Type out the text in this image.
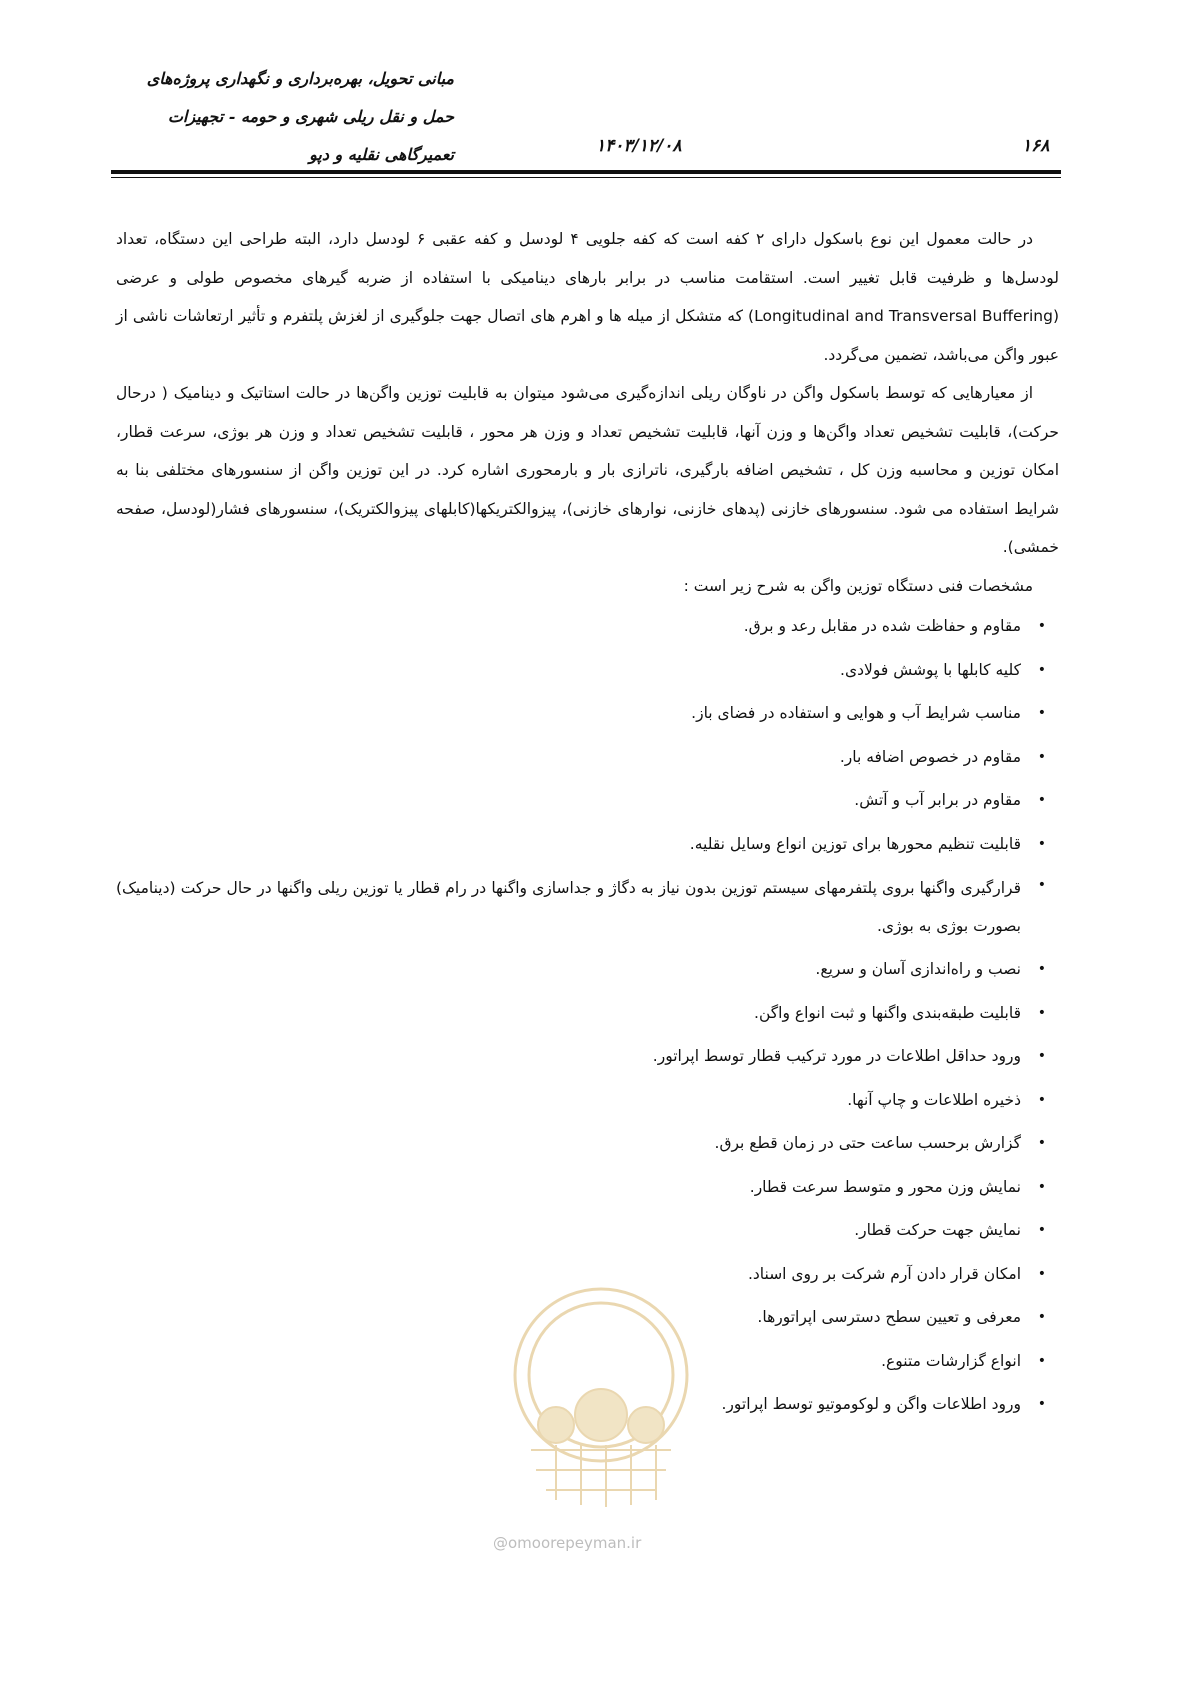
مبانی تحویل، بهره‌برداری و نگهداری پروژه‌های
حمل و نقل ریلی شهری و حومه - تجهیزات
تعمیرگاهی نقلیه و دپو	۱۴۰۳/۱۲/۰۸	۱۶۸

در حالت معمول این نوع باسکول دارای ۲ کفه است که کفه جلویی ۴ لودسل و کفه عقبی ۶ لودسل دارد، البته طراحی این دستگاه، تعداد لودسل‌ها و ظرفیت قابل تغییر است. استقامت مناسب در برابر بارهای دینامیکی با استفاده از ضربه گیرهای مخصوص طولی و عرضی (Longitudinal and Transversal Buffering) که متشکل از میله ها و اهرم های اتصال جهت جلوگیری از لغزش پلتفرم و تأثیر ارتعاشات ناشی از عبور واگن می‌باشد، تضمین می‌گردد.

از معیارهایی که توسط باسکول واگن در ناوگان ریلی اندازه‌گیری می‌شود میتوان به قابلیت توزین واگن‌ها در حالت استاتیک و دینامیک ( درحال حرکت)، قابلیت تشخیص تعداد واگن‌ها و وزن آنها، قابلیت تشخیص تعداد و وزن هر محور ، قابلیت تشخیص تعداد و وزن هر بوژی، سرعت قطار، امکان توزین و محاسبه وزن کل ، تشخیص اضافه بارگیری، ناترازی بار و بارمحوری اشاره کرد. در این توزین واگن از سنسورهای مختلفی بنا به شرایط استفاده می شود. سنسورهای خازنی (پدهای خازنی، نوارهای خازنی)، پیزوالکتریکها(کابلهای پیزوالکتریک)، سنسورهای فشار(لودسل، صفحه خمشی).

مشخصات فنی دستگاه توزین واگن به شرح زیر است :

•
مقاوم و حفاظت شده در مقابل رعد و برق.
•
کلیه کابلها با پوشش فولادی.
•
مناسب شرایط آب و هوایی و استفاده در فضای باز.
•
مقاوم در خصوص اضافه بار.
•
مقاوم در برابر آب و آتش.
•
قابلیت تنظیم محورها برای توزین انواع وسایل نقلیه.
•
قرارگیری واگنها بروی پلتفرمهای سیستم توزین بدون نیاز به دگاژ و جداسازی واگنها در رام قطار یا توزین ریلی واگنها در حال حرکت (دینامیک) بصورت بوژی به بوژی.
•
نصب و راه‌اندازی آسان و سریع.
•
قابلیت طبقه‌بندی واگنها و ثبت انواع واگن.
•
ورود حداقل اطلاعات در مورد ترکیب قطار توسط اپراتور.
•
ذخیره اطلاعات و چاپ آنها.
•
گزارش برحسب ساعت حتی در زمان قطع برق.
•
نمایش وزن محور و متوسط سرعت قطار.
•
نمایش جهت حرکت قطار.
•
امکان قرار دادن آرم شرکت بر روی اسناد.
•
معرفی و تعیین سطح دسترسی اپراتورها.
•
انواع گزارشات متنوع.
•
ورود اطلاعات واگن و لوکوموتیو توسط اپراتور.
@omoorepeyman.ir
